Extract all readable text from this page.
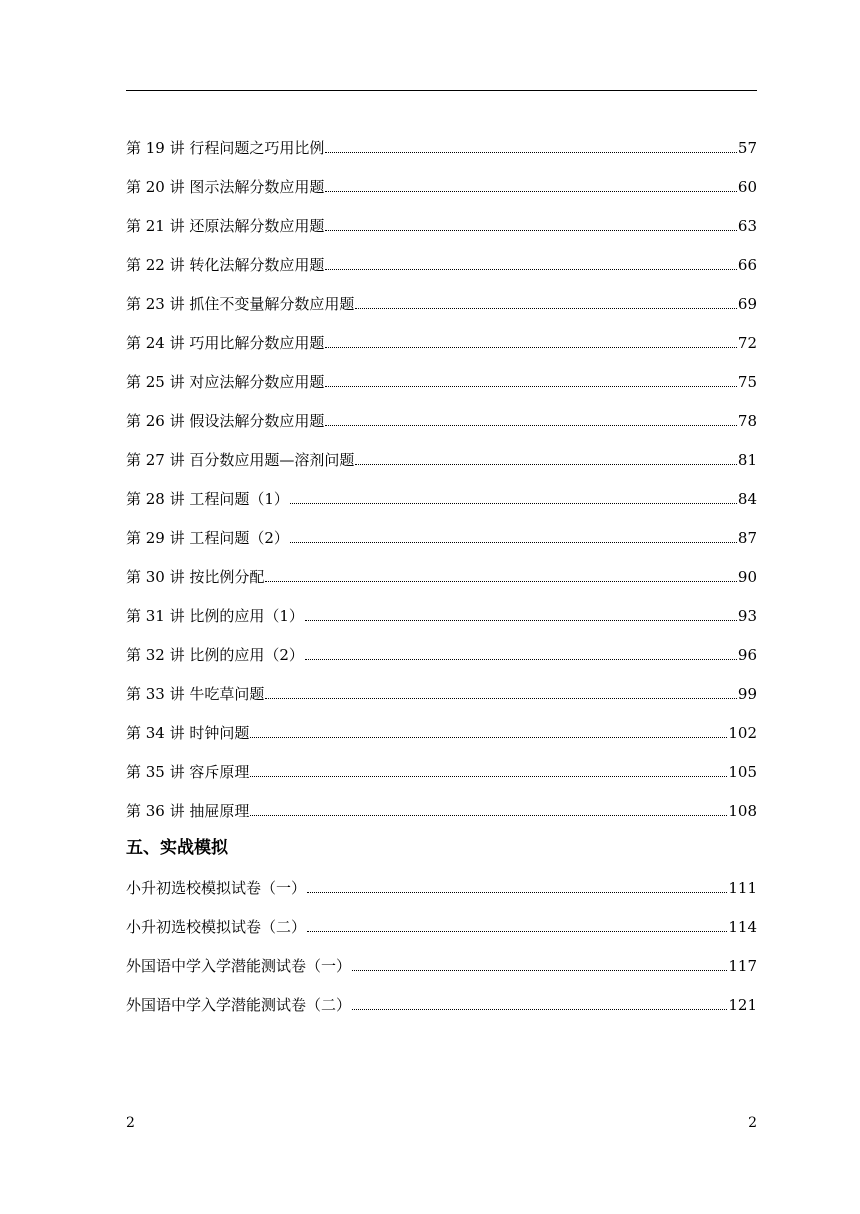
第 19 讲 行程问题之巧用比例	57
第 20 讲 图示法解分数应用题	60
第 21 讲 还原法解分数应用题	63
第 22 讲 转化法解分数应用题	66
第 23 讲 抓住不变量解分数应用题	69
第 24 讲 巧用比解分数应用题	72
第 25 讲 对应法解分数应用题	75
第 26 讲 假设法解分数应用题	78
第 27 讲 百分数应用题—溶剂问题	81
第 28 讲 工程问题（1）	84
第 29 讲 工程问题（2）	87
第 30 讲 按比例分配	90
第 31 讲 比例的应用（1）	93
第 32 讲 比例的应用（2）	96
第 33 讲 牛吃草问题	99
第 34 讲 时钟问题	102
第 35 讲 容斥原理	105
第 36 讲 抽屉原理	108
五、实战模拟
小升初选校模拟试卷（一）	111
小升初选校模拟试卷（二）	114
外国语中学入学潜能测试卷（一）	117
外国语中学入学潜能测试卷（二）	121
2	2
